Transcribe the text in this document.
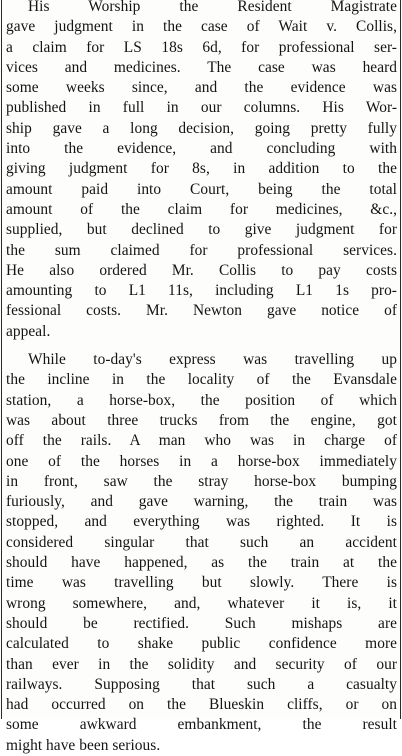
His Worship the Resident Magistrate
gave judgment in the case of Wait v. Collis,
a claim for LS 18s 6d, for professional ser-
vices and medicines. The case was heard
some weeks since, and the evidence was
published in full in our columns. His Wor-
ship gave a long decision, going pretty fully
into the evidence, and concluding with
giving judgment for 8s, in addition to the
amount paid into Court, being the total
amount of the claim for medicines, &c.,
supplied, but declined to give judgment for
the sum claimed for professional services.
He also ordered Mr. Collis to pay costs
amounting to L1 11s, including L1 1s pro-
fessional costs. Mr. Newton gave notice of
appeal.
While to-day's express was travelling up
the incline in the locality of the Evansdale
station, a horse-box, the position of which
was about three trucks from the engine, got
off the rails. A man who was in charge of
one of the horses in a horse-box immediately
in front, saw the stray horse-box bumping
furiously, and gave warning, the train was
stopped, and everything was righted. It is
considered singular that such an accident
should have happened, as the train at the
time was travelling but slowly. There is
wrong somewhere, and, whatever it is, it
should be rectified. Such mishaps are
calculated to shake public confidence more
than ever in the solidity and security of our
railways. Supposing that such a casualty
had occurred on the Blueskin cliffs, or on
some awkward embankment, the result
might have been serious.
